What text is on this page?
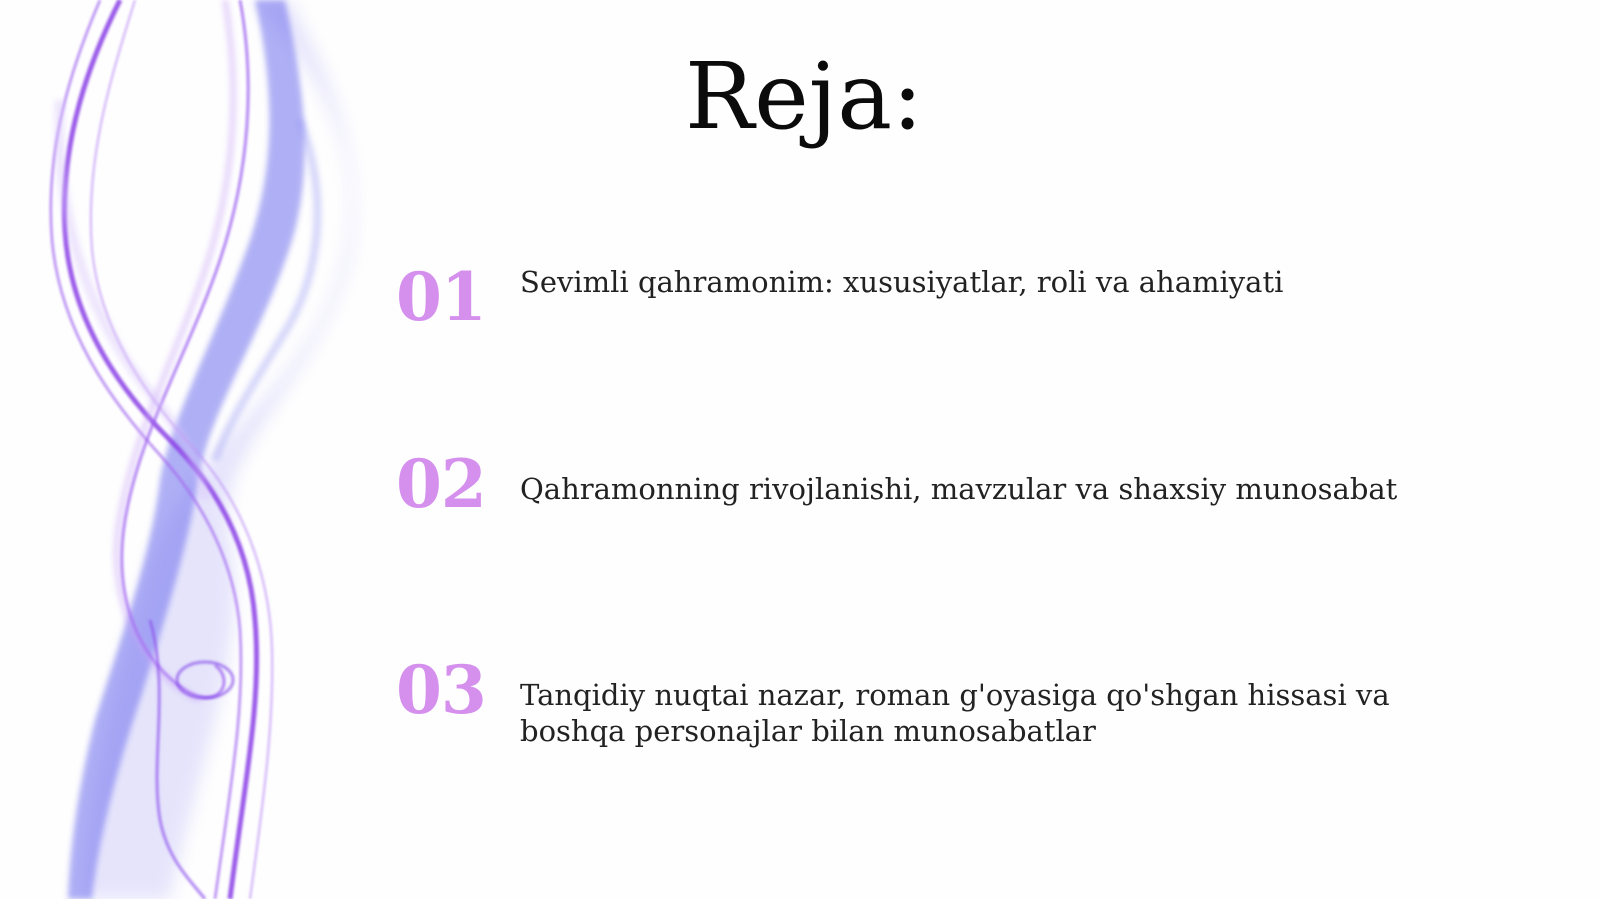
Reja:
01 Sevimli qahramonim: xususiyatlar, roli va ahamiyati
02 Qahramonning rivojlanishi, mavzular va shaxsiy munosabat
03 Tanqidiy nuqtai nazar, roman g'oyasiga qo'shgan hissasi va boshqa personajlar bilan munosabatlar
